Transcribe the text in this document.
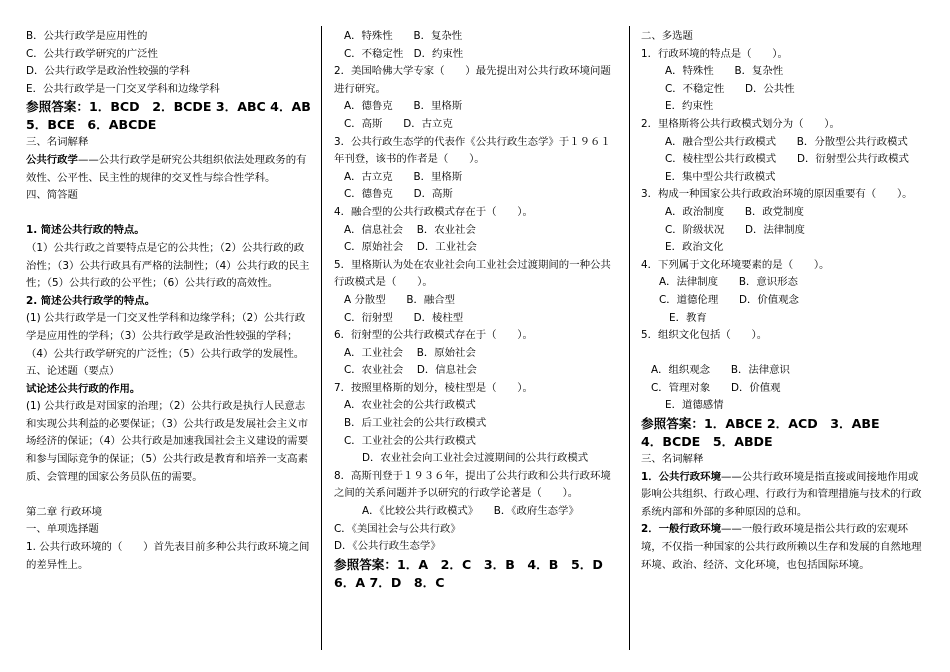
B．公共行政学是应用性的
C．公共行政学研究的广泛性
D．公共行政学是政治性较强的学科
E．公共行政学是一门交叉学科和边缘学科
参照答案：1．BCD　2．BCDE 3．ABC 4．AB
5．BCE　6．ABCDE
三、名词解释
公共行政学——公共行政学是研究公共组织依法处理政务的有效性、公平性、民主性的规律的交叉性与综合性学科。
四、简答题
1. 简述公共行政的特点。
（1）公共行政之首要特点是它的公共性；（2）公共行政的政治性；（3）公共行政具有严格的法制性；（4）公共行政的民主性；（5）公共行政的公平性；（6）公共行政的高效性。
2. 简述公共行政学的特点。
(1) 公共行政学是一门交叉性学科和边缘学科；（2）公共行政学是应用性的学科；（3）公共行政学是政治性较强的学科；（4）公共行政学研究的广泛性；（5）公共行政学的发展性。
五、论述题（要点）
试论述公共行政的作用。
(1) 公共行政是对国家的治理；（2）公共行政是执行人民意志和实现公共利益的必要保证；（3）公共行政是发展社会主义市场经济的保证；（4）公共行政是加速我国社会主义建设的需要和参与国际竞争的保证；（5）公共行政是教育和培养一支高素质、会管理的国家公务员队伍的需要。
第二章 行政环境
一、单项选择题
1. 公共行政环境的（　　）首先表目前多种公共行政环境之间的差异性上。
A．特殊性　　B．复杂性
C．不稳定性　D．约束性
2．美国哈佛大学专家（　　）最先提出对公共行政环境问题进行研究。
A．德鲁克　　B．里格斯
C．高斯　　D．古立克
3．公共行政生态学的代表作《公共行政生态学》于１９６１年刊登，该书的作者是（　　）。
A．古立克　　B．里格斯
C．德鲁克　　D．高斯
4．融合型的公共行政模式存在于（　　）。
A．信息社会　 B．农业社会
C．原始社会　 D．工业社会
5．里格斯认为处在农业社会向工业社会过渡期间的一种公共行政模式是（　　）。
A 分散型　　B．融合型
C．衍射型　　D．棱柱型
6．衍射型的公共行政模式存在于（　　）。
A．工业社会　 B．原始社会
C．农业社会　 D．信息社会
7．按照里格斯的划分，棱柱型是（　　）。
A．农业社会的公共行政模式
B．后工业社会的公共行政模式
C．工业社会的公共行政模式
D．农业社会向工业社会过渡期间的公共行政模式
8．高斯刊登于１９３６年，提出了公共行政和公共行政环境之间的关系问题并予以研究的行政学论著是（　　）。
A．《比较公共行政模式》　　B．《政府生态学》
C．《美国社会与公共行政》
D．《公共行政生态学》
参照答案：1．A　2．C　3．B　4．B　5．D
6．A 7．D　8．C
二、多选题
1．行政环境的特点是（　　）。
A．特殊性　　B．复杂性
C．不稳定性　　D．公共性
E．约束性
2．里格斯将公共行政模式划分为（　　）。
A．融合型公共行政模式　　B．分散型公共行政模式
C．棱柱型公共行政模式　　D．衍射型公共行政模式
E．集中型公共行政模式
3．构成一种国家公共行政政治环境的原因重要有（　　）。
A．政治制度　　B．政党制度
C．阶级状况　　D．法律制度
E．政治文化
4．下列属于文化环境要素的是（　　）。
A．法律制度　　B．意识形态
C．道德伦理　　D．价值观念
E．教育
5．组织文化包括（　　）。
A．组织观念　　B．法律意识
C．管理对象　　D．价值观
E．道德感情
参照答案：1．ABCE 2．ACD　3．ABE
4．BCDE　5．ABDE
三、名词解释
1．公共行政环境——公共行政环境是指直接或间接地作用或影响公共组织、行政心理、行政行为和管理措施与技术的行政系统内部和外部的多种原因的总和。
2．一般行政环境——一般行政环境是指公共行政的宏观环境，不仅指一种国家的公共行政所赖以生存和发展的自然地理环境、政治、经济、文化环境，也包括国际环境。
